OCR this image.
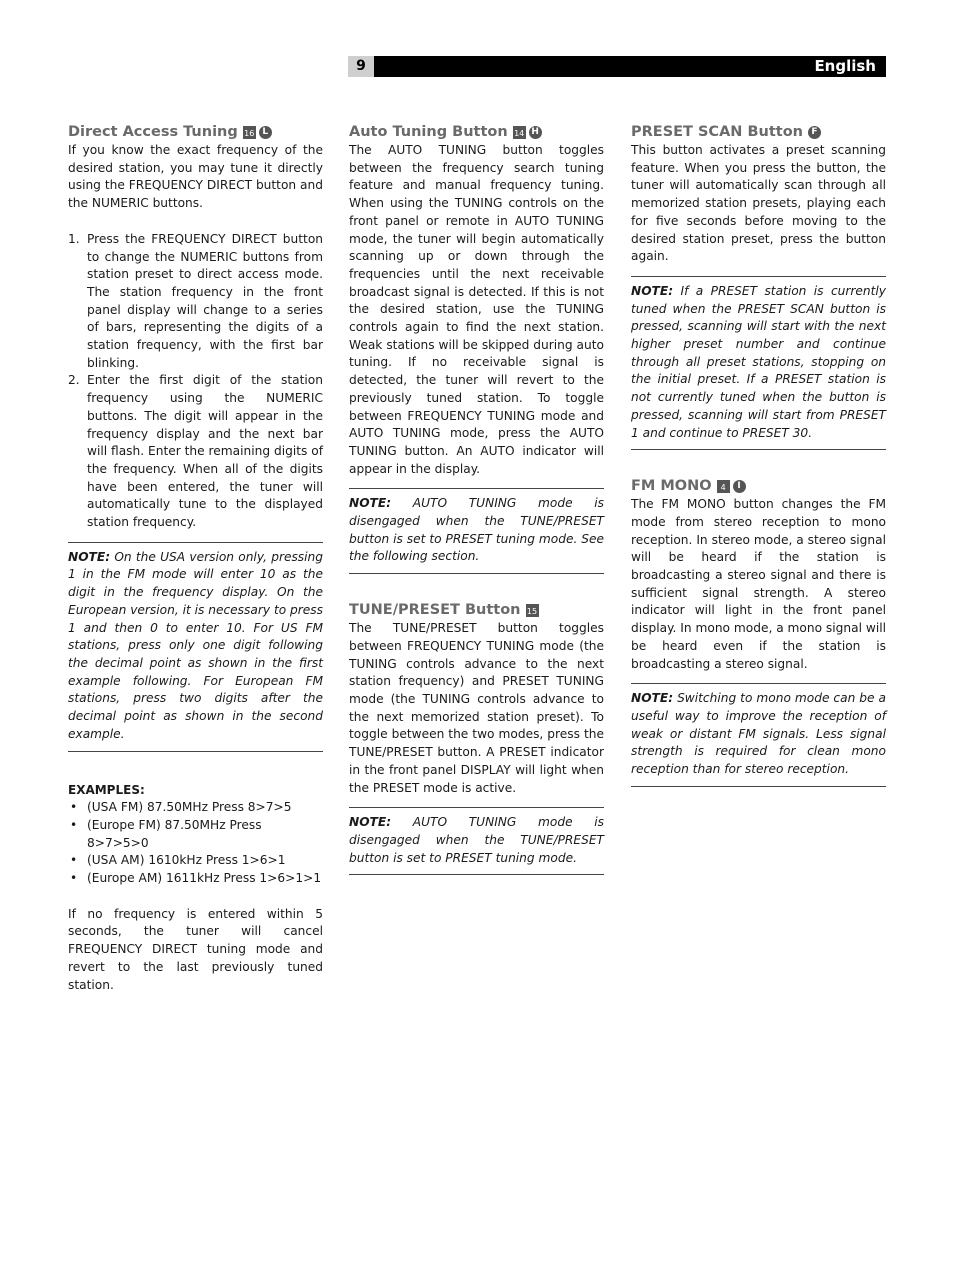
9	English
Direct Access Tuning 16 L

If you know the exact frequency of the desired station, you may tune it directly using the FREQUENCY DIRECT button and the NUMERIC buttons.

1. Press the FREQUENCY DIRECT button to change the NUMERIC buttons from station preset to direct access mode. The station frequency in the front panel display will change to a series of bars, representing the digits of a station frequency, with the first bar blinking.
2. Enter the first digit of the station frequency using the NUMERIC buttons. The digit will appear in the frequency display and the next bar will flash. Enter the remaining digits of the frequency. When all of the digits have been entered, the tuner will automatically tune to the displayed station frequency.
NOTE: On the USA version only, pressing 1 in the FM mode will enter 10 as the digit in the frequency display. On the European version, it is necessary to press 1 and then 0 to enter 10. For US FM stations, press only one digit following the decimal point as shown in the first example following. For European FM stations, press two digits after the decimal point as shown in the second example.
EXAMPLES:
• (USA FM) 87.50MHz Press 8>7>5
• (Europe FM) 87.50MHz Press 8>7>5>0
• (USA AM) 1610kHz Press 1>6>1
• (Europe AM) 1611kHz Press 1>6>1>1

If no frequency is entered within 5 seconds, the tuner will cancel FREQUENCY DIRECT tuning mode and revert to the last previously tuned station.

Auto Tuning Button 14 H

The AUTO TUNING button toggles between the frequency search tuning feature and manual frequency tuning. When using the TUNING controls on the front panel or remote in AUTO TUNING mode, the tuner will begin automatically scanning up or down through the frequencies until the next receivable broadcast signal is detected. If this is not the desired station, use the TUNING controls again to find the next station. Weak stations will be skipped during auto tuning. If no receivable signal is detected, the tuner will revert to the previously tuned station. To toggle between FREQUENCY TUNING mode and AUTO TUNING mode, press the AUTO TUNING button. An AUTO indicator will appear in the display.

NOTE: AUTO TUNING mode is disengaged when the TUNE/PRESET button is set to PRESET tuning mode. See the following section.
TUNE/PRESET Button 15

The TUNE/PRESET button toggles between FREQUENCY TUNING mode (the TUNING controls advance to the next station frequency) and PRESET TUNING mode (the TUNING controls advance to the next memorized station preset). To toggle between the two modes, press the TUNE/PRESET button. A PRESET indicator in the front panel DISPLAY will light when the PRESET mode is active.

NOTE: AUTO TUNING mode is disengaged when the TUNE/PRESET button is set to PRESET tuning mode.
PRESET SCAN Button F

This button activates a preset scanning feature. When you press the button, the tuner will automatically scan through all memorized station presets, playing each for five seconds before moving to the desired station preset, press the button again.

NOTE: If a PRESET station is currently tuned when the PRESET SCAN button is pressed, scanning will start with the next higher preset number and continue through all preset stations, stopping on the initial preset. If a PRESET station is not currently tuned when the button is pressed, scanning will start from PRESET 1 and continue to PRESET 30.
FM MONO	4	I

The FM MONO button changes the FM mode from stereo reception to mono reception. In stereo mode, a stereo signal will be heard if the station is broadcasting a stereo signal and there is sufficient signal strength. A stereo indicator will light in the front panel display. In mono mode, a mono signal will be heard even if the station is broadcasting a stereo signal.

NOTE: Switching to mono mode can be a useful way to improve the reception of weak or distant FM signals. Less signal strength is required for clean mono reception than for stereo reception.
